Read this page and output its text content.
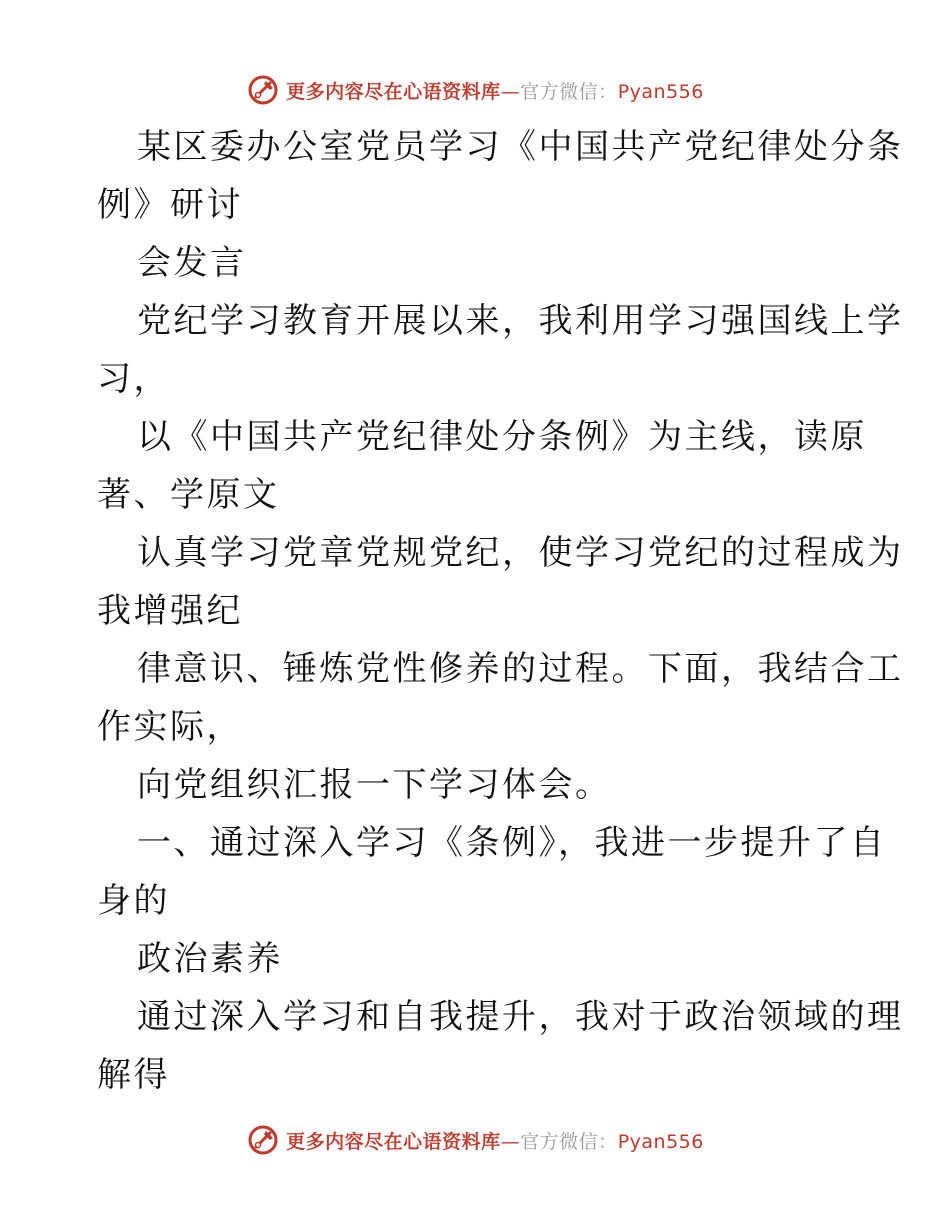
更多内容尽在心语资料库—官方微信：Pyan556
某区委办公室党员学习《中国共产党纪律处分条
例》研讨
会发言
党纪学习教育开展以来，我利用学习强国线上学
习，
以《中国共产党纪律处分条例》为主线，读原
著、学原文
认真学习党章党规党纪，使学习党纪的过程成为
我增强纪
律意识、锤炼党性修养的过程。下面，我结合工
作实际，
向党组织汇报一下学习体会。
一、通过深入学习《条例》，我进一步提升了自
身的
政治素养
通过深入学习和自我提升，我对于政治领域的理
解得
更多内容尽在心语资料库—官方微信：Pyan556
